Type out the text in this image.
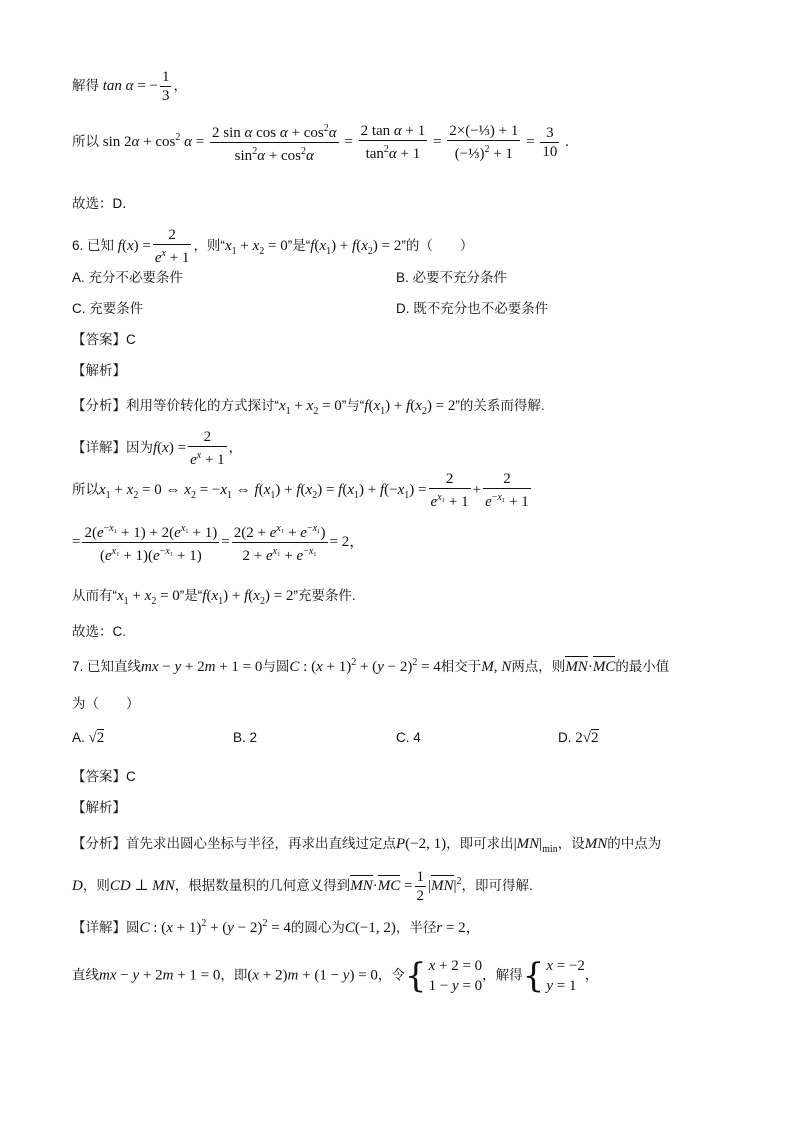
解得 tan α = − $\frac{1}{3}$ ，
所以 $\sin 2\alpha + \cos^2 \alpha = \frac{2 \sin \alpha \cos \alpha + \cos^2\alpha}{\sin^2\alpha + \cos^2\alpha} = \frac{\text{2 tan α + 1}}{\tan^2\alpha + 1} = \frac{\text{2×(−⅓) + 1}}{(-\frac{1}{3})^2 + 1} = \frac{3}{10}$ .
故选：D．
6. 已知 $f(x) = \frac{2}{e^x + 1}$ ，则“$x_1 + x_2 = 0$”是“$f(x_1) + f(x_2) = 2$”的（　　）
A. 充分不必要条件	B. 必要不充分条件
C. 充要条件	D. 既不充分也不必要条件
【答案】C
【解析】
【分析】利用等价转化的方式探讨“$x_1 + x_2 = 0$”与“$f(x_1) + f(x_2) = 2$”的关系而得解.
【详解】因为$f(x) = \frac{2}{e^x + 1}$ ，
所以$x_1 + x_2 = 0$ ⇔ $x_2 = -x_1$ ⇔ $f(x_1) + f(x_2) = f(x_1) + f(-x_1) = \frac{2}{e^{x_1} + 1} + \frac{2}{e^{-x_1} + 1}$
= $\frac{2(e^{-x_1} + 1) + 2(e^{x_1} + 1)}{(e^{x_1} + 1)(e^{-x_1} + 1)} = \frac{2(2 + e^{x_1} + e^{-x_1})}{2 + e^{x_1} + e^{-x_1}} = 2$，
从而有“$x_1 + x_2 = 0$”是“$f(x_1) + f(x_2) = 2$”充要条件.
故选：C.
7. 已知直线mx − y + 2m + 1 = 0与圆C : $(x + 1)^2 + (y - 2)^2 = 4$相交于M, N两点，则MN·MC的最小值
为（　　）
A. √2	B. 2	C. 4	D. 2√2
【答案】C
【解析】
【分析】首先求出圆心坐标与半径，再求出直线过定点P(−2, 1)，即可求出$|MN|_{min}$，设MN的中点为
D，则CD ⊥ MN，根据数量积的几何意义得到$MN\cdot MC = \frac{1}{2} |MN|^2$，即可得解.
【详解】圆C : $(x + 1)^2 + (y - 2)^2 = 4$的圆心为C(−1, 2)，半径r = 2，
直线mx − y + 2m + 1 = 0，即(x + 2)m + (1 − y) = 0，令{ x + 2 = 0
1 − y = 0，解得{ x = −2
y = 1，
